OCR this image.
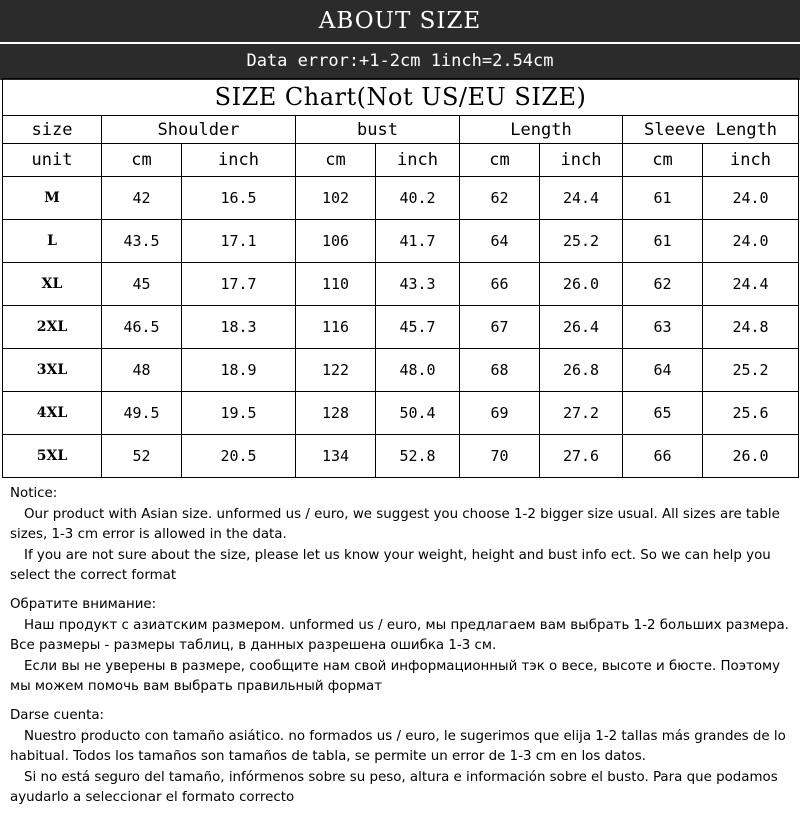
ABOUT SIZE
Data error:+1-2cm 1inch=2.54cm
SIZE Chart(Not US/EU SIZE)								
size	Shoulder		bust		Length		Sleeve Length	
unit	cm	inch	cm	inch	cm	inch	cm	inch
M	42	16.5	102	40.2	62	24.4	61	24.0
L	43.5	17.1	106	41.7	64	25.2	61	24.0
XL	45	17.7	110	43.3	66	26.0	62	24.4
2XL	46.5	18.3	116	45.7	67	26.4	63	24.8
3XL	48	18.9	122	48.0	68	26.8	64	25.2
4XL	49.5	19.5	128	50.4	69	27.2	65	25.6
5XL	52	20.5	134	52.8	70	27.6	66	26.0

Notice:

Our product with Asian size. unformed us / euro, we suggest you choose 1-2 bigger size usual. All sizes are table sizes, 1-3 cm error is allowed in the data.

If you are not sure about the size, please let us know your weight, height and bust info ect. So we can help you select the correct format

Обратите внимание:

Наш продукт с азиатским размером. unformed us / euro, мы предлагаем вам выбрать 1-2 больших размера. Все размеры - размеры таблиц, в данных разрешена ошибка 1-3 см.

Если вы не уверены в размере, сообщите нам свой информационный тэк о весе, высоте и бюсте. Поэтому мы можем помочь вам выбрать правильный формат

Darse cuenta:

Nuestro producto con tamaño asiático. no formados us / euro, le sugerimos que elija 1-2 tallas más grandes de lo habitual. Todos los tamaños son tamaños de tabla, se permite un error de 1-3 cm en los datos.

Si no está seguro del tamaño, infórmenos sobre su peso, altura e información sobre el busto. Para que podamos ayudarlo a seleccionar el formato correcto
